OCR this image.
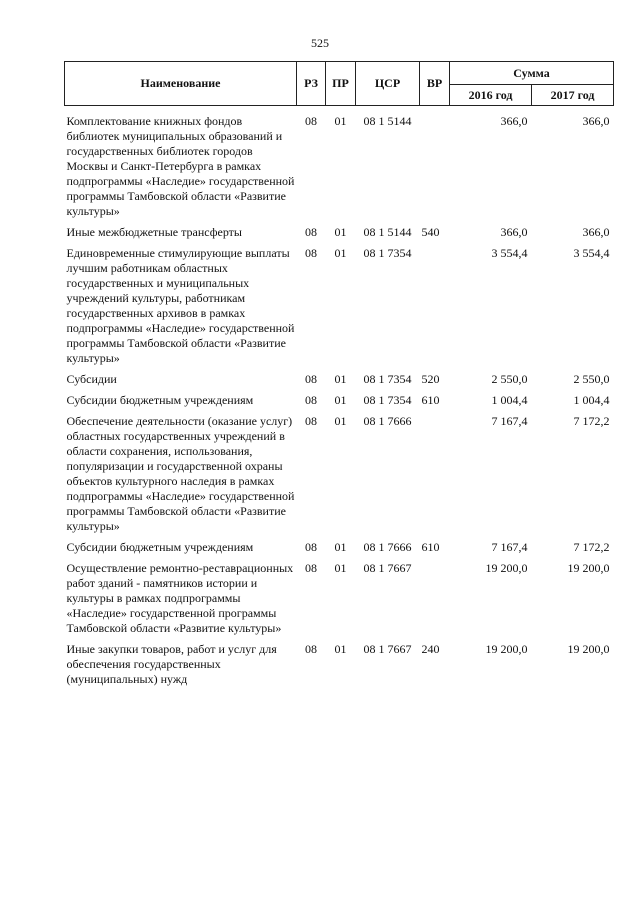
525
Наименование	РЗ	ПР	ЦСР	ВР	Сумма	
					2016 год	2017 год
Комплектование книжных фондов библиотек муниципальных образований и государственных библиотек городов Москвы и Санкт-Петербурга в рамках подпрограммы «Наследие» государственной программы Тамбовской области «Развитие культуры»	08	01	08 1 5144		366,0	366,0
Иные межбюджетные трансферты	08	01	08 1 5144	540	366,0	366,0
Единовременные стимулирующие выплаты лучшим работникам областных государственных и муниципальных учреждений культуры, работникам государственных архивов в рамках подпрограммы «Наследие» государственной программы Тамбовской области «Развитие культуры»	08	01	08 1 7354		3 554,4	3 554,4
Субсидии	08	01	08 1 7354	520	2 550,0	2 550,0
Субсидии бюджетным учреждениям	08	01	08 1 7354	610	1 004,4	1 004,4
Обеспечение деятельности (оказание услуг) областных государственных учреждений в области сохранения, использования, популяризации и государственной охраны объектов культурного наследия в рамках подпрограммы «Наследие» государственной программы Тамбовской области «Развитие культуры»	08	01	08 1 7666		7 167,4	7 172,2
Субсидии бюджетным учреждениям	08	01	08 1 7666	610	7 167,4	7 172,2
Осуществление ремонтно-реставрационных работ зданий - памятников истории и культуры в рамках подпрограммы «Наследие» государственной программы Тамбовской области «Развитие культуры»	08	01	08 1 7667		19 200,0	19 200,0
Иные закупки товаров, работ и услуг для обеспечения государственных (муниципальных) нужд	08	01	08 1 7667	240	19 200,0	19 200,0
